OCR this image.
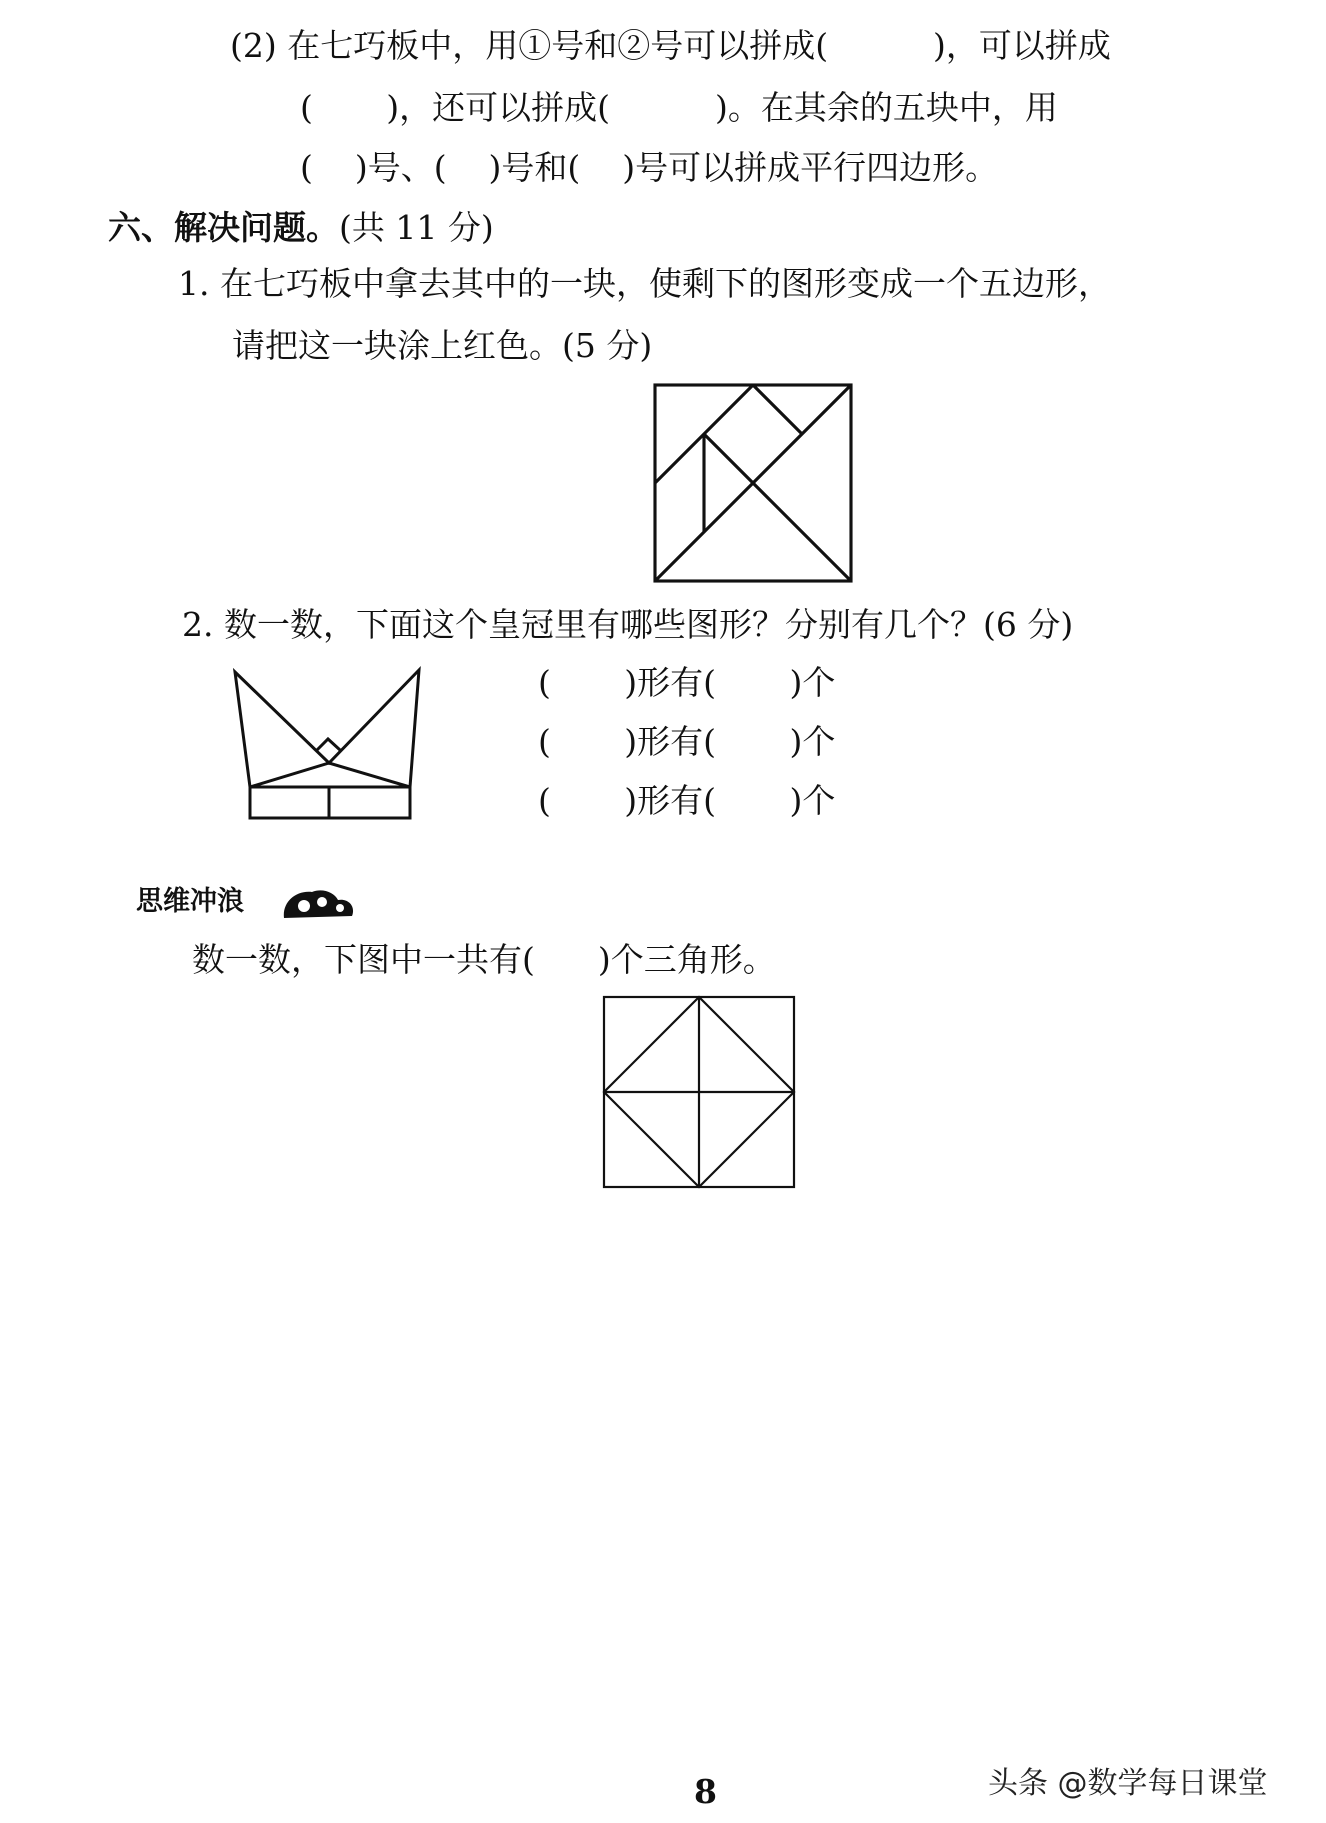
(2) 在七巧板中，用①号和②号可以拼成(          )，可以拼成
(       )，还可以拼成(          )。在其余的五块中，用
(    )号、(    )号和(    )号可以拼成平行四边形。
六、解决问题。(共 11 分)
1. 在七巧板中拿去其中的一块，使剩下的图形变成一个五边形，
请把这一块涂上红色。(5 分)
2. 数一数，下面这个皇冠里有哪些图形？分别有几个？(6 分)
(       )形有(       )个
(       )形有(       )个
(       )形有(       )个
思维冲浪
数一数，下图中一共有(      )个三角形。
8	头条 @数学每日课堂
